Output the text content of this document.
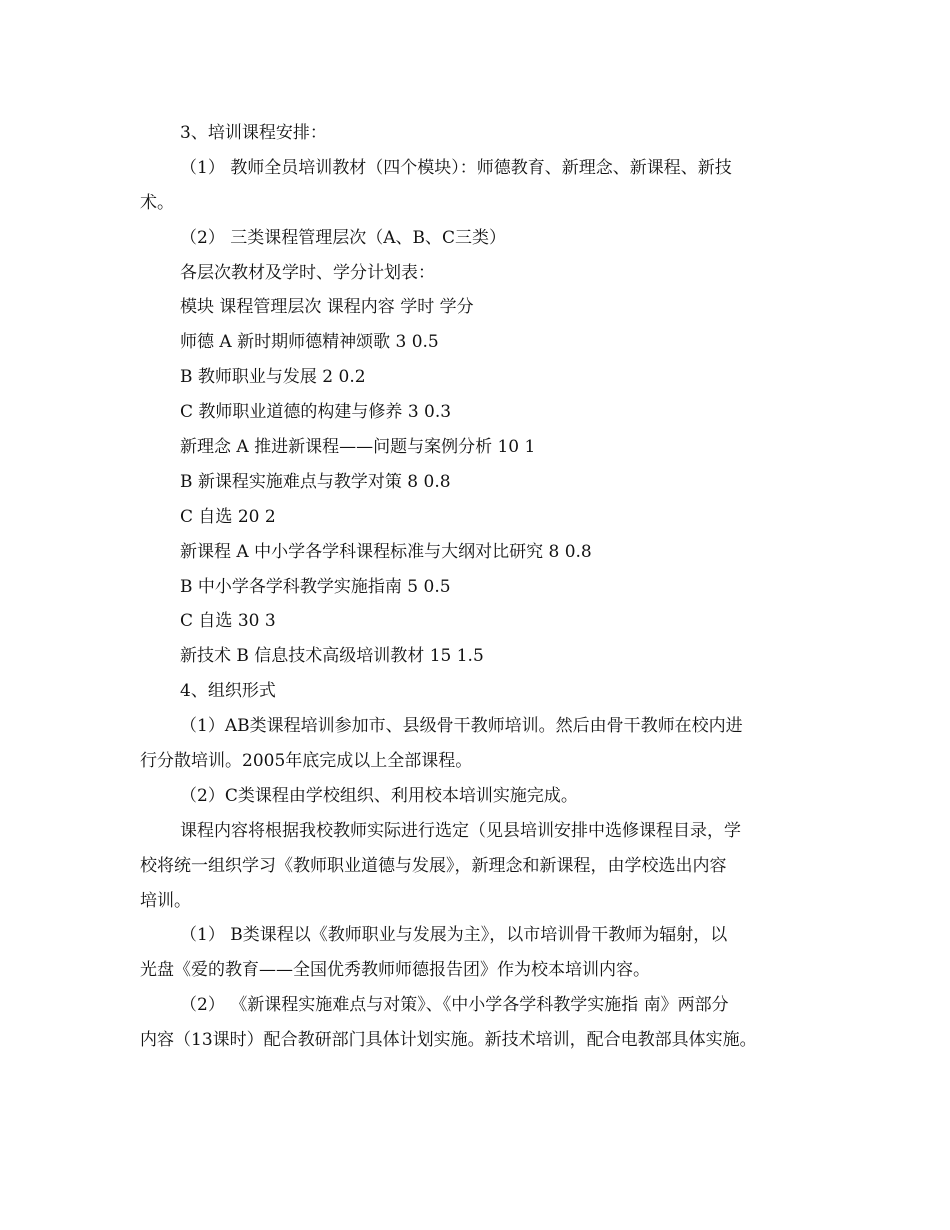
3、培训课程安排：
（1） 教师全员培训教材（四个模块）：师德教育、新理念、新课程、新技
术。
（2） 三类课程管理层次（A、B、C三类）
各层次教材及学时、学分计划表：
模块 课程管理层次 课程内容 学时 学分
师德 A 新时期师德精神颂歌 3 0.5
B 教师职业与发展 2 0.2
C 教师职业道德的构建与修养 3 0.3
新理念 A 推进新课程——问题与案例分析 10 1
B 新课程实施难点与教学对策 8 0.8
C 自选 20 2
新课程 A 中小学各学科课程标准与大纲对比研究 8 0.8
B 中小学各学科教学实施指南 5 0.5
C 自选 30 3
新技术 B 信息技术高级培训教材 15 1.5
4、组织形式
（1）AB类课程培训参加市、县级骨干教师培训。然后由骨干教师在校内进
行分散培训。2005年底完成以上全部课程。
（2）C类课程由学校组织、利用校本培训实施完成。
课程内容将根据我校教师实际进行选定（见县培训安排中选修课程目录，学
校将统一组织学习《教师职业道德与发展》，新理念和新课程，由学校选出内容
培训。
（1） B类课程以《教师职业与发展为主》，以市培训骨干教师为辐射，以
光盘《爱的教育——全国优秀教师师德报告团》作为校本培训内容。
（2） 《新课程实施难点与对策》、《中小学各学科教学实施指 南》两部分
内容（13课时）配合教研部门具体计划实施。新技术培训，配合电教部具体实施。
